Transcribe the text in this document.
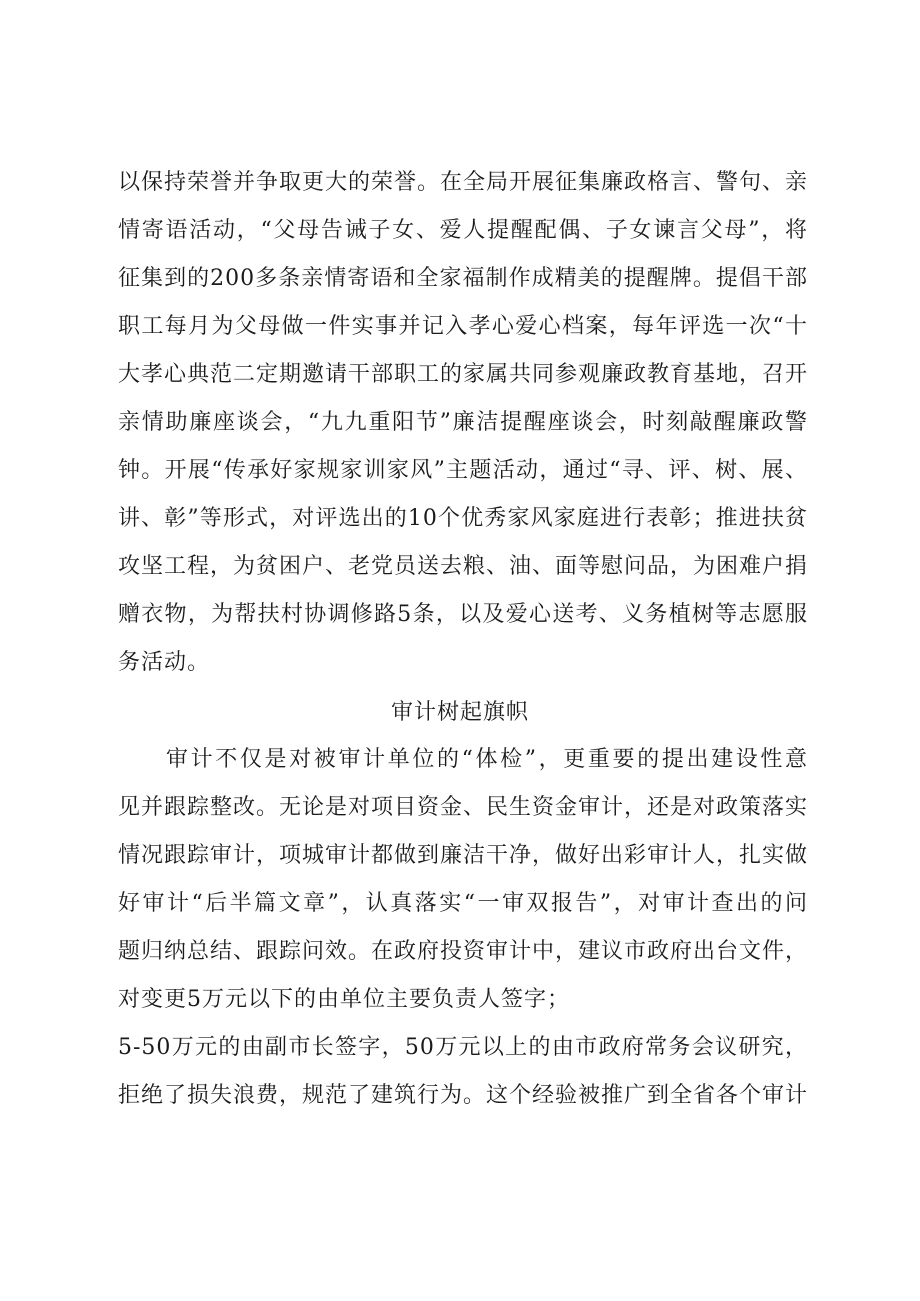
以保持荣誉并争取更大的荣誉。在全局开展征集廉政格言、警句、亲
情寄语活动，“父母告诫子女、爱人提醒配偶、子女谏言父母”，将
征集到的200多条亲情寄语和全家福制作成精美的提醒牌。提倡干部
职工每月为父母做一件实事并记入孝心爱心档案，每年评选一次“十
大孝心典范二定期邀请干部职工的家属共同参观廉政教育基地，召开
亲情助廉座谈会，“九九重阳节”廉洁提醒座谈会，时刻敲醒廉政警
钟。开展“传承好家规家训家风”主题活动，通过“寻、评、树、展、
讲、彰”等形式，对评选出的10个优秀家风家庭进行表彰；推进扶贫
攻坚工程，为贫困户、老党员送去粮、油、面等慰问品，为困难户捐
赠衣物，为帮扶村协调修路5条，以及爱心送考、义务植树等志愿服
务活动。
审计树起旗帜
审计不仅是对被审计单位的“体检”，更重要的提出建设性意
见并跟踪整改。无论是对项目资金、民生资金审计，还是对政策落实
情况跟踪审计，项城审计都做到廉洁干净，做好出彩审计人，扎实做
好审计“后半篇文章”，认真落实“一审双报告”，对审计查出的问
题归纳总结、跟踪问效。在政府投资审计中，建议市政府出台文件，
对变更5万元以下的由单位主要负责人签字；
5-50万元的由副市长签字，50万元以上的由市政府常务会议研究，
拒绝了损失浪费，规范了建筑行为。这个经验被推广到全省各个审计
